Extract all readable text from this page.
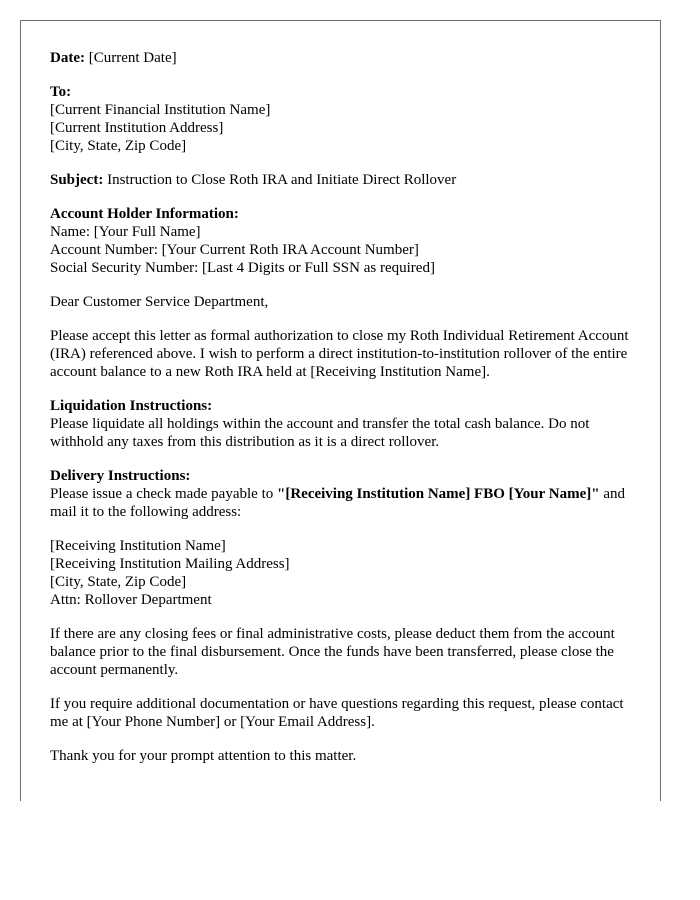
Date: [Current Date]

To:
[Current Financial Institution Name]
[Current Institution Address]
[City, State, Zip Code]

Subject: Instruction to Close Roth IRA and Initiate Direct Rollover

Account Holder Information:
Name: [Your Full Name]
Account Number: [Your Current Roth IRA Account Number]
Social Security Number: [Last 4 Digits or Full SSN as required]

Dear Customer Service Department,

Please accept this letter as formal authorization to close my Roth Individual Retirement Account (IRA) referenced above. I wish to perform a direct institution-to-institution rollover of the entire account balance to a new Roth IRA held at [Receiving Institution Name].

Liquidation Instructions:
Please liquidate all holdings within the account and transfer the total cash balance. Do not withhold any taxes from this distribution as it is a direct rollover.

Delivery Instructions:
Please issue a check made payable to "[Receiving Institution Name] FBO [Your Name]" and mail it to the following address:

[Receiving Institution Name]
[Receiving Institution Mailing Address]
[City, State, Zip Code]
Attn: Rollover Department

If there are any closing fees or final administrative costs, please deduct them from the account balance prior to the final disbursement. Once the funds have been transferred, please close the account permanently.

If you require additional documentation or have questions regarding this request, please contact me at [Your Phone Number] or [Your Email Address].

Thank you for your prompt attention to this matter.
